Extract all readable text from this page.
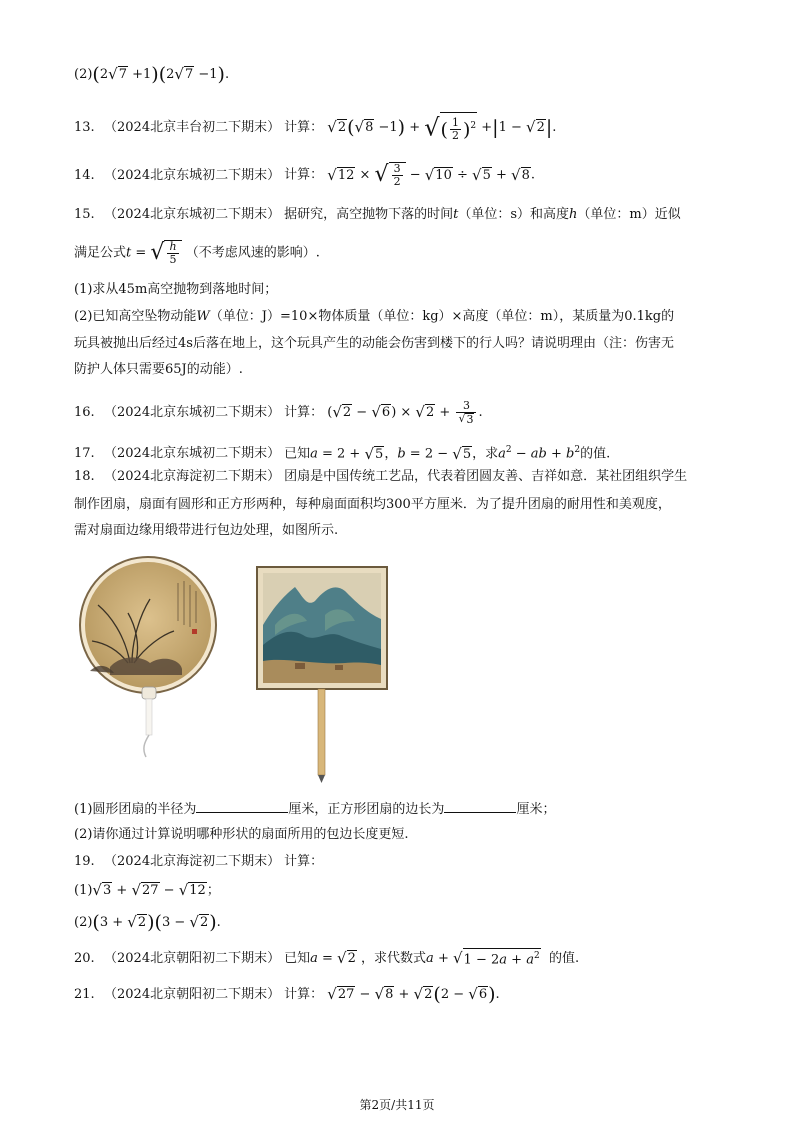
(2)(2√7 +1)(2√7 −1).
13. （2024北京丰台初二下期末） 计算： √2(√8 −1) + √( $\frac{1}{2} )^2 +|1 - √2|$.
14. （2024北京东城初二下期末） 计算： √12 × √ $\frac{3}{2} - √10 \div √5 + √8$.
15. （2024北京东城初二下期末） 据研究，高空抛物下落的时间t（单位：s）和高度h（单位：m）近似
满足公式t = √ $\frac{h}{5}$ （不考虑风速的影响）.
(1)求从45m高空抛物到落地时间；
(2)已知高空坠物动能W（单位：J）=10×物体质量（单位：kg）×高度（单位：m），某质量为0.1kg的
玩具被抛出后经过4s后落在地上，这个玩具产生的动能会伤害到楼下的行人吗？请说明理由（注：伤害无
防护人体只需要65J的动能）.
16. （2024北京东城初二下期末） 计算： $(√2 - √6) \times √2 + \frac{3}{√3}$ .
17. （2024北京东城初二下期末） 已知a = 2 + √5，b = 2 − √5，求$a^2$ − ab + $b^2$的值.
18. （2024北京海淀初二下期末） 团扇是中国传统工艺品，代表着团圆友善、吉祥如意．某社团组织学生
制作团扇，扇面有圆形和正方形两种，每种扇面面积均300平方厘米．为了提升团扇的耐用性和美观度，
需对扇面边缘用缎带进行包边处理，如图所示.
(1)圆形团扇的半径为	厘米，正方形团扇的边长为	厘米；
(2)请你通过计算说明哪种形状的扇面所用的包边长度更短.
19. （2024北京海淀初二下期末） 计算：
(1)√3 + √27 − √12；
(2)(3 + √2)(3 − √2).
20. （2024北京朝阳初二下期末） 已知a = √2 ，求代数式$a + √1 - 2a + a^2$ 的值.
21. （2024北京朝阳初二下期末） 计算： √27 − √8 + √2(2 − √6).
第2页/共11页
